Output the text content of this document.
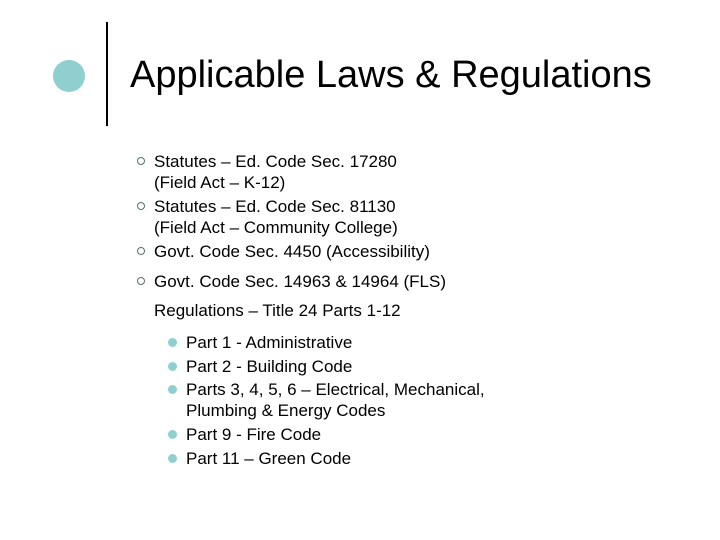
Applicable Laws & Regulations
Statutes – Ed. Code Sec. 17280
(Field Act – K-12)
Statutes – Ed. Code Sec. 81130
(Field Act – Community College)
Govt. Code Sec. 4450 (Accessibility)
Govt. Code Sec. 14963 & 14964 (FLS)
Regulations – Title 24 Parts 1-12
Part 1 - Administrative
Part 2 - Building Code
Parts 3, 4, 5, 6 – Electrical, Mechanical,
Plumbing & Energy Codes
Part 9 - Fire Code
Part 11 – Green Code
